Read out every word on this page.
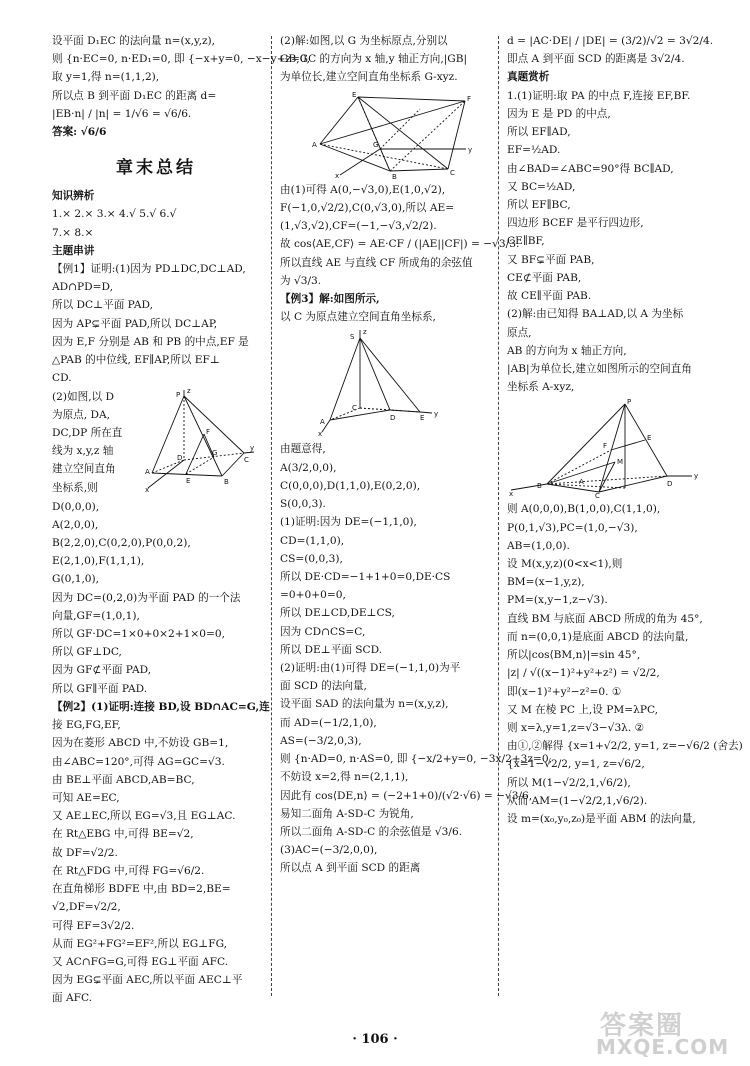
设平面 D₁EC 的法向量 n=(x,y,z),
则 {n·EC=0, n·ED₁=0, 即 {−x+y=0, −x−y+z=0,
取 y=1,得 n=(1,1,2),
所以点 B 到平面 D₁EC 的距离 d=
|EB·n| / |n| = 1/√6 = √6/6.
答案: √6/6
章末总结
知识辨析
1.× 2.× 3.× 4.√ 5.√ 6.√
7.× 8.×
主题串讲
【例1】证明:(1)因为 PD⊥DC,DC⊥AD,
AD∩PD=D,
所以 DC⊥平面 PAD,
因为 AP⊊平面 PAD,所以 DC⊥AP,
因为 E,F 分别是 AB 和 PB 的中点,EF 是
△PAB 的中位线, EF∥AP,所以 EF⊥
CD.
(2)如图,以 D
为原点, DA,
DC,DP 所在直
线为 x,y,z 轴
建立空间直角
坐标系,则
P
F
A
E	B
C
D
G
x
y
z
D(0,0,0),
A(2,0,0),
B(2,2,0),C(0,2,0),P(0,0,2),
E(2,1,0),F(1,1,1),
G(0,1,0),
因为 DC=(0,2,0)为平面 PAD 的一个法
向量,GF=(1,0,1),
所以 GF·DC=1×0+0×2+1×0=0,
所以 GF⊥DC,
因为 GF⊄平面 PAD,
所以 GF∥平面 PAD.
【例2】(1)证明:连接 BD,设 BD∩AC=G,连
接 EG,FG,EF,
因为在菱形 ABCD 中,不妨设 GB=1,
由∠ABC=120°,可得 AG=GC=√3.
由 BE⊥平面 ABCD,AB=BC,
可知 AE=EC,
又 AE⊥EC,所以 EG=√3,且 EG⊥AC.
在 Rt△EBG 中,可得 BE=√2,
故 DF=√2/2.
在 Rt△FDG 中,可得 FG=√6/2.
在直角梯形 BDFE 中,由 BD=2,BE=
√2,DF=√2/2,
可得 EF=3√2/2.
从而 EG²+FG²=EF²,所以 EG⊥FG,
又 AC∩FG=G,可得 EG⊥平面 AFC.
因为 EG⊊平面 AEC,所以平面 AEC⊥平
面 AFC.
(2)解:如图,以 G 为坐标原点,分别以
GB,GC 的方向为 x 轴,y 轴正方向,|GB|
为单位长,建立空间直角坐标系 G-xyz.
E	F
A
B	C
G
x
y
由(1)可得 A(0,−√3,0),E(1,0,√2),
F(−1,0,√2/2),C(0,√3,0),所以 AE=
(1,√3,√2),CF=(−1,−√3,√2/2).
故 cos⟨AE,CF⟩ = AE·CF / (|AE||CF|) = −√3/3.
所以直线 AE 与直线 CF 所成角的余弦值
为 √3/3.
【例3】解:如图所示,
以 C 为原点建立空间直角坐标系,
S
z
C
A	D	E y
x
由题意得,
A(3/2,0,0),
C(0,0,0),D(1,1,0),E(0,2,0),
S(0,0,3).
(1)证明:因为 DE=(−1,1,0),
CD=(1,1,0),
CS=(0,0,3),
所以 DE·CD=−1+1+0=0,DE·CS
=0+0+0=0,
所以 DE⊥CD,DE⊥CS,
因为 CD∩CS=C,
所以 DE⊥平面 SCD.
(2)证明:由(1)可得 DE=(−1,1,0)为平
面 SCD 的法向量,
设平面 SAD 的法向量为 n=(x,y,z),
而 AD=(−1/2,1,0),
AS=(−3/2,0,3),
则 {n·AD=0, n·AS=0, 即 {−x/2+y=0, −3x/2+3z=0,
不妨设 x=2,得 n=(2,1,1),
因此有 cos⟨DE,n⟩ = (−2+1+0)/(√2·√6) = −√3/6,
易知二面角 A-SD-C 为锐角,
所以二面角 A-SD-C 的余弦值是 √3/6.
(3)AC=(−3/2,0,0),
所以点 A 到平面 SCD 的距离
d = |AC·DE| / |DE| = (3/2)/√2 = 3√2/4.
即点 A 到平面 SCD 的距离是 3√2/4.
真题赏析
1.(1)证明:取 PA 的中点 F,连接 EF,BF.
因为 E 是 PD 的中点,
所以 EF∥AD,
EF=½AD.
由∠BAD=∠ABC=90°得 BC∥AD,
又 BC=½AD,
所以 EF∥BC,
四边形 BCEF 是平行四边形,
CE∥BF,
又 BF⊊平面 PAB,
CE⊄平面 PAB,
故 CE∥平面 PAB.
(2)解:由已知得 BA⊥AD,以 A 为坐标
原点,
AB 的方向为 x 轴正方向,
|AB|为单位长,建立如图所示的空间直角
坐标系 A-xyz,
P
F
M
E
A
B
C
D
x
y
则 A(0,0,0),B(1,0,0),C(1,1,0),
P(0,1,√3),PC=(1,0,−√3),
AB=(1,0,0).
设 M(x,y,z)(0<x<1),则
BM=(x−1,y,z),
PM=(x,y−1,z−√3).
直线 BM 与底面 ABCD 所成的角为 45°,
而 n=(0,0,1)是底面 ABCD 的法向量,
所以|cos⟨BM,n⟩|=sin 45°,
|z| / √((x−1)²+y²+z²) = √2/2,
即(x−1)²+y²−z²=0. ①
又 M 在棱 PC 上,设 PM=λPC,
则 x=λ,y=1,z=√3−√3λ. ②
由①,②解得 {x=1+√2/2, y=1, z=−√6/2 (舍去)
{x=1−√2/2, y=1, z=√6/2,
所以 M(1−√2/2,1,√6/2),
从而 AM=(1−√2/2,1,√6/2).
设 m=(x₀,y₀,z₀)是平面 ABM 的法向量,
· 106 ·	答案圈
MXQE.COM
